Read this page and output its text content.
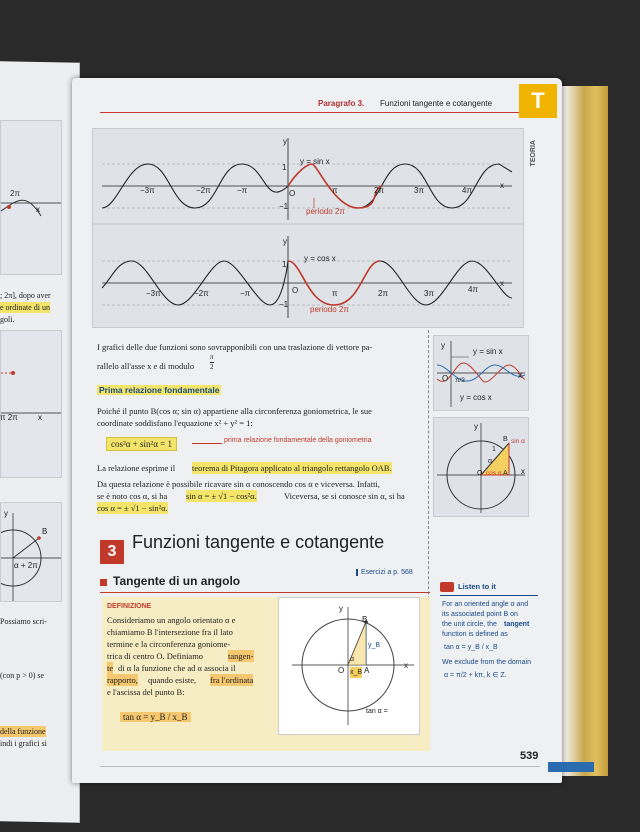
2π
x
; 2π], dopo aver
e ordinate di un
goli.
π 2π	x
y
B
α + 2π
Possiamo scri-
(con p > 0) se
della funzione
indi i grafici si
Paragrafo 3. Funzioni tangente e cotangente	T
TEORIA
y
y = sin x
1
−1
O
x
periodo 2π
−3π	−2π	−π	π	2π	3π	4π
y
y = cos x
1
−1
O
x
periodo 2π
−3π	−2π	−π	π	2π	3π	4π
I grafici delle due funzioni sono sovrapponibili con una traslazione di vettore pa-
rallelo all'asse x e di modulo $\frac{\pi}{2}$
Prima relazione fondamentale
Poiché il punto B(cos α; sin α) appartiene alla circonferenza goniometrica, le sue
coordinate soddisfano l'equazione x² + y² = 1:
cos²α + sin²α = 1	prima relazione fondamentale della goniometria
La relazione esprime il teorema di Pitagora applicato al triangolo rettangolo OAB.
Da questa relazione è possibile ricavare sin α conoscendo cos α e viceversa. Infatti,
se è noto cos α, si ha sin α = ± √1 − cos²α.	Viceversa, se si conosce sin α, si ha
cos α = ± √1 − sin²α.
y
y = sin x
x
O π/2
y = cos x
y
B sin α
x
O cos α A
α
1
3 Funzioni tangente e cotangente
Tangente di un angolo
Esercizi a p. 568
DEFINIZIONE
Consideriamo un angolo orientato α e
chiamiamo B l'intersezione fra il lato
termine e la circonferenza goniome-
trica di centro O. Definiamo	tangen-
te di α la funzione che ad α associa il
rapporto, quando esiste, fra l'ordinata
e l'ascissa del punto B:
tan α = y_B / x_B
y
x
B
O A
y_B
x_B
α
tan α =
Listen to it
For an oriented angle α and
its associated point B on
the unit circle, the tangent
function is defined as
tan α = y_B / x_B
We exclude from the domain
α = π/2 + kπ, k ∈ Z.
539
